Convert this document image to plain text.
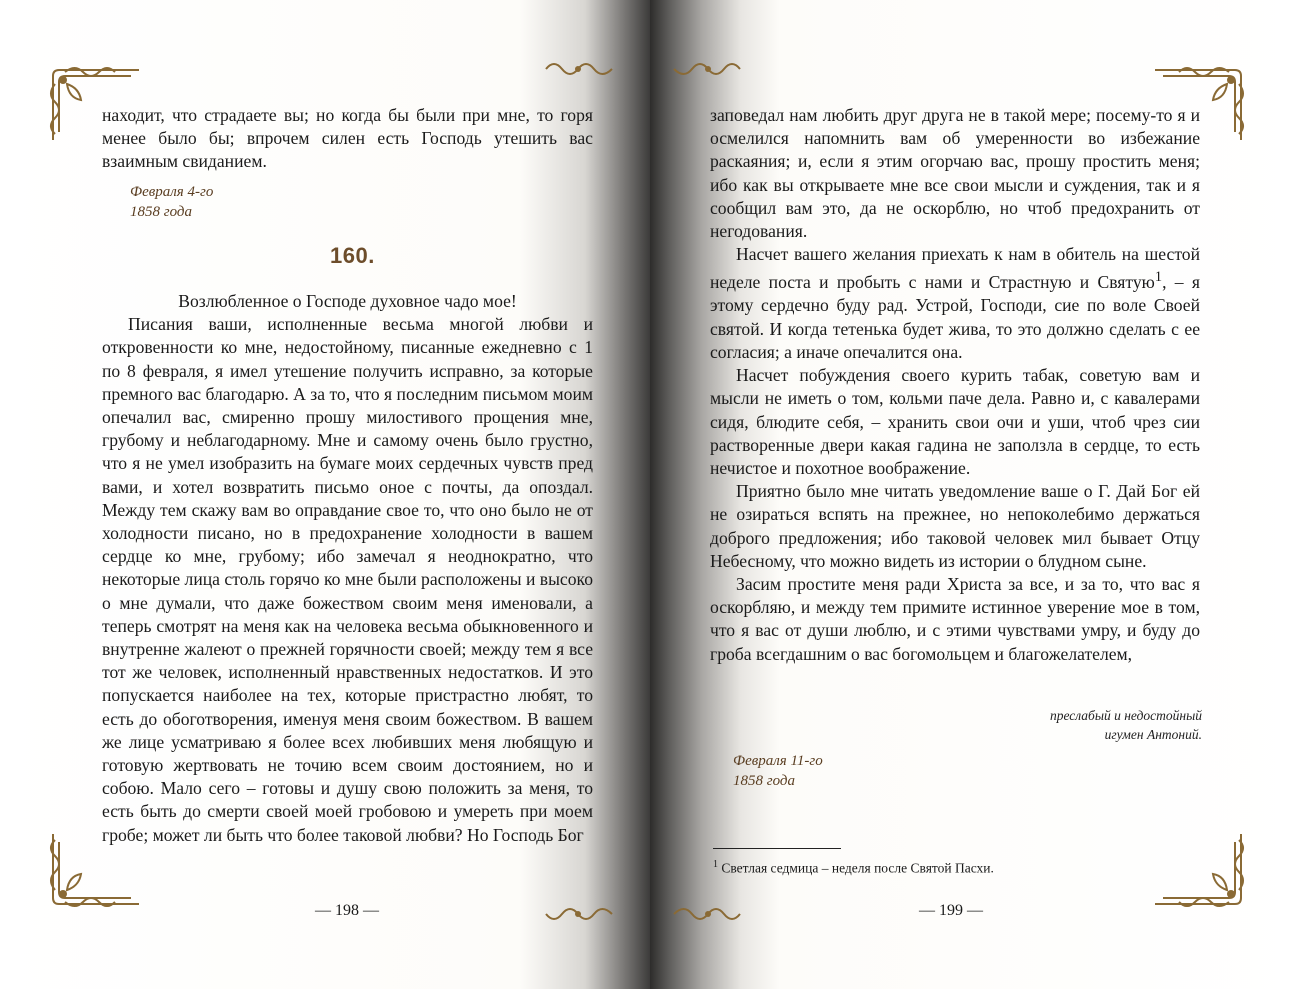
находит, что страдаете вы; но когда бы были при мне, то горя менее было бы; впрочем силен есть Господь утешить вас взаимным свиданием.

Февраля 4-го
1858 года
160.

Возлюбленное о Господе духовное чадо мое!

Писания ваши, исполненные весьма многой любви и откровенности ко мне, недостойному, писанные ежедневно с 1 по 8 февраля, я имел утешение получить исправно, за которые премного вас благодарю. А за то, что я последним письмом моим опечалил вас, смиренно прошу милостивого прощения мне, грубому и неблагодарному. Мне и самому очень было грустно, что я не умел изобразить на бумаге моих сердечных чувств пред вами, и хотел возвратить письмо оное с почты, да опоздал. Между тем скажу вам во оправдание свое то, что оно было не от холодности писано, но в предохранение холодности в вашем сердце ко мне, грубому; ибо замечал я неоднократно, что некоторые лица столь горячо ко мне были расположены и высоко о мне думали, что даже божеством своим меня именовали, а теперь смотрят на меня как на человека весьма обыкновенного и внутренне жалеют о прежней горячности своей; между тем я все тот же человек, исполненный нравственных недостатков. И это попускается наиболее на тех, которые пристрастно любят, то есть до обоготворения, именуя меня своим божеством. В вашем же лице усматриваю я более всех любивших меня любящую и готовую жертвовать не точию всем своим достоянием, но и собою. Мало сего – готовы и душу свою положить за меня, то есть быть до смерти своей моей гробовою и умереть при моем гробе; может ли быть что более таковой любви? Но Господь Бог

— 198 —

заповедал нам любить друг друга не в такой мере; посему-то я и осмелился напомнить вам об умеренности во избежание раскаяния; и, если я этим огорчаю вас, прошу простить меня; ибо как вы открываете мне все свои мысли и суждения, так и я сообщил вам это, да не оскорблю, но чтоб предохранить от негодования.

Насчет вашего желания приехать к нам в обитель на шестой неделе поста и пробыть с нами и Страстную и Святую$^1$, – я этому сердечно буду рад. Устрой, Господи, сие по воле Своей святой. И когда тетенька будет жива, то это должно сделать с ее согласия; а иначе опечалится она.

Насчет побуждения своего курить табак, советую вам и мысли не иметь о том, кольми паче дела. Равно и, с кавалерами сидя, блюдите себя, – хранить свои очи и уши, чтоб чрез сии растворенные двери какая гадина не заползла в сердце, то есть нечистое и похотное воображение.

Приятно было мне читать уведомление ваше о Г. Дай Бог ей не озираться вспять на прежнее, но непоколебимо держаться доброго предложения; ибо таковой человек мил бывает Отцу Небесному, что можно видеть из истории о блудном сыне.

Засим простите меня ради Христа за все, и за то, что вас я оскорбляю, и между тем примите истинное уверение мое в том, что я вас от души люблю, и с этими чувствами умру, и буду до гроба всегдашним о вас богомольцем и благожелателем,

преслабый и недостойный
игумен Антоний.
Февраля 11-го
1858 года
$^1$ Светлая седмица – неделя после Святой Пасхи.
— 199 —
